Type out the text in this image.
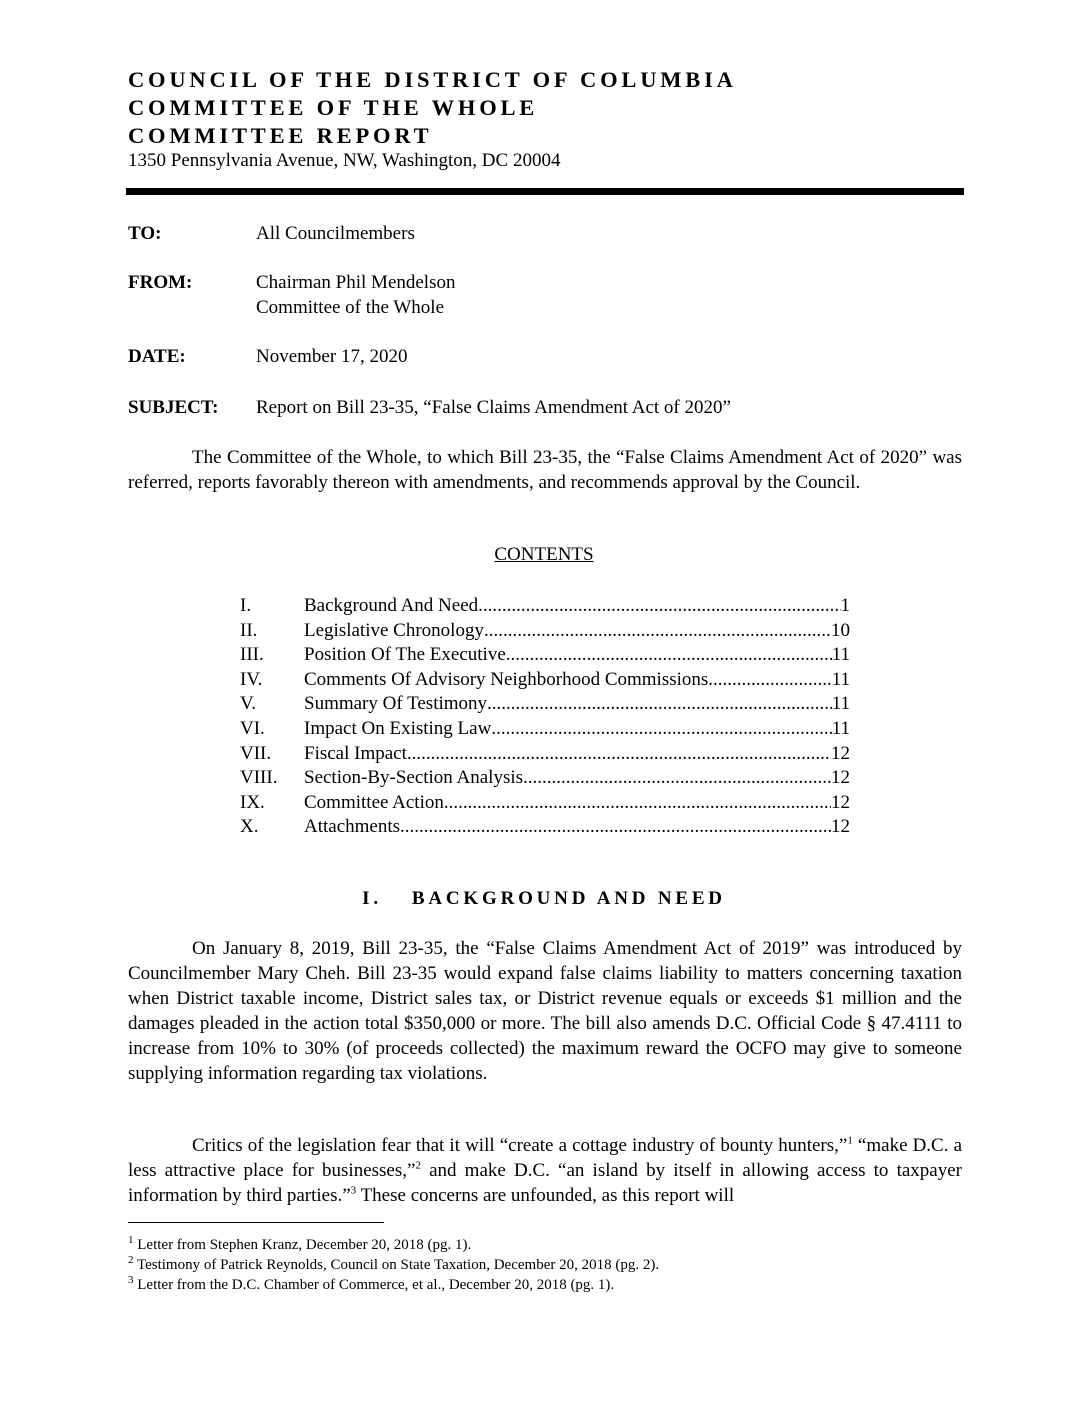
COUNCIL OF THE DISTRICT OF COLUMBIA
COMMITTEE OF THE WHOLE
COMMITTEE REPORT
1350 Pennsylvania Avenue, NW, Washington, DC 20004
TO:	All Councilmembers
FROM:	Chairman Phil Mendelson
Committee of the Whole
DATE:	November 17, 2020
SUBJECT: Report on Bill 23-35, “False Claims Amendment Act of 2020”

The Committee of the Whole, to which Bill 23-35, the “False Claims Amendment Act of 2020” was referred, reports favorably thereon with amendments, and recommends approval by the Council.

CONTENTS
I.	Background And Need .....	1
II. Legislative Chronology .....	10
III. Position Of The Executive .....	11
IV. Comments Of Advisory Neighborhood Commissions .....	11
V.	Summary Of Testimony .....	11
VI. Impact On Existing Law .....	11
VII. Fiscal Impact .....	12
VIII. Section-By-Section Analysis .....	12
IX. Committee Action .....	12
X. Attachments .....	12
I. BACKGROUND AND NEED

On January 8, 2019, Bill 23-35, the “False Claims Amendment Act of 2019” was introduced by Councilmember Mary Cheh. Bill 23-35 would expand false claims liability to matters concerning taxation when District taxable income, District sales tax, or District revenue equals or exceeds $1 million and the damages pleaded in the action total $350,000 or more. The bill also amends D.C. Official Code § 47.4111 to increase from 10% to 30% (of proceeds collected) the maximum reward the OCFO may give to someone supplying information regarding tax violations.

Critics of the legislation fear that it will “create a cottage industry of bounty hunters,”$^1$ “make D.C. a less attractive place for businesses,”$^2$ and make D.C. “an island by itself in allowing access to taxpayer information by third parties.”$^3$ These concerns are unfounded, as this report will

$^1$ Letter from Stephen Kranz, December 20, 2018 (pg. 1).
$^2$ Testimony of Patrick Reynolds, Council on State Taxation, December 20, 2018 (pg. 2).
$^3$ Letter from the D.C. Chamber of Commerce, et al., December 20, 2018 (pg. 1).
